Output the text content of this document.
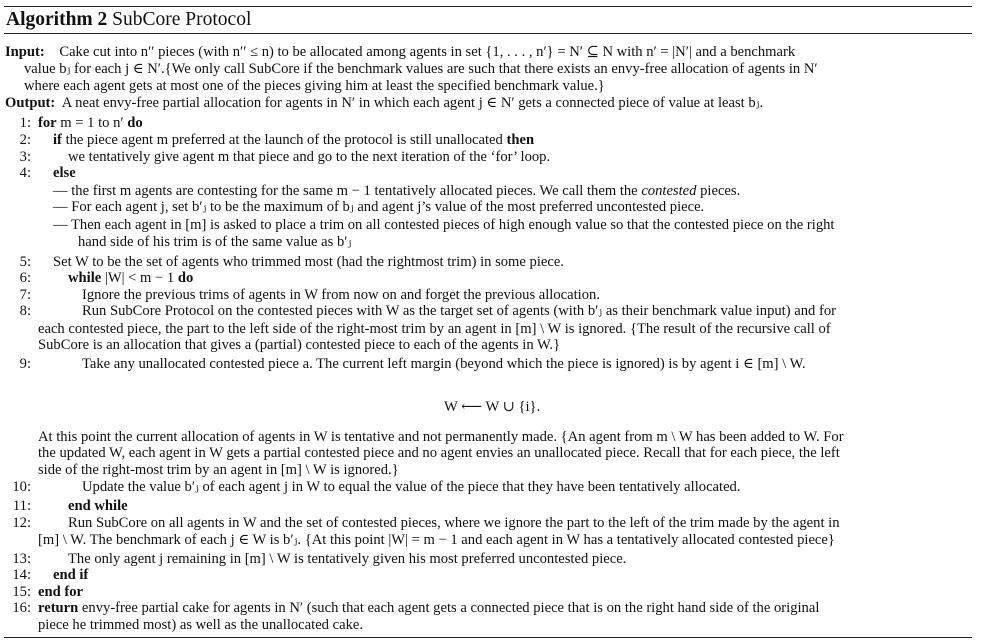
Algorithm 2 SubCore Protocol
Input: Cake cut into n′′ pieces (with n′′ ≤ n) to be allocated among agents in set {1, . . . , n′} = N′ ⊆ N with n′ = |N′| and a benchmark
value bⱼ for each j ∈ N′.{We only call SubCore if the benchmark values are such that there exists an envy-free allocation of agents in N′
where each agent gets at most one of the pieces giving him at least the specified benchmark value.}
Output: A neat envy-free partial allocation for agents in N′ in which each agent j ∈ N′ gets a connected piece of value at least bⱼ.
1:
2:
3:
4:
5:
6:
7:
8:
9:
10:
11:
12:
13:
14:
15:
16:
for m = 1 to n′ do
if the piece agent m preferred at the launch of the protocol is still unallocated then
we tentatively give agent m that piece and go to the next iteration of the ‘for’ loop.
else
— the first m agents are contesting for the same m − 1 tentatively allocated pieces. We call them the contested pieces.
— For each agent j, set b′ⱼ to be the maximum of bⱼ and agent j’s value of the most preferred uncontested piece.
— Then each agent in [m] is asked to place a trim on all contested pieces of high enough value so that the contested piece on the right
hand side of his trim is of the same value as b′ⱼ
Set W to be the set of agents who trimmed most (had the rightmost trim) in some piece.
while |W| < m − 1 do
Ignore the previous trims of agents in W from now on and forget the previous allocation.
Run SubCore Protocol on the contested pieces with W as the target set of agents (with b′ⱼ as their benchmark value input) and for
each contested piece, the part to the left side of the right-most trim by an agent in [m] \ W is ignored. {The result of the recursive call of
SubCore is an allocation that gives a (partial) contested piece to each of the agents in W.}
Take any unallocated contested piece a. The current left margin (beyond which the piece is ignored) is by agent i ∈ [m] \ W.
W ⟵ W ∪ {i}.
At this point the current allocation of agents in W is tentative and not permanently made. {An agent from m \ W has been added to W. For
the updated W, each agent in W gets a partial contested piece and no agent envies an unallocated piece. Recall that for each piece, the left
side of the right-most trim by an agent in [m] \ W is ignored.}
Update the value b′ⱼ of each agent j in W to equal the value of the piece that they have been tentatively allocated.
end while
Run SubCore on all agents in W and the set of contested pieces, where we ignore the part to the left of the trim made by the agent in
[m] \ W. The benchmark of each j ∈ W is b′ⱼ. {At this point |W| = m − 1 and each agent in W has a tentatively allocated contested piece}
The only agent j remaining in [m] \ W is tentatively given his most preferred uncontested piece.
end if
end for
return envy-free partial cake for agents in N′ (such that each agent gets a connected piece that is on the right hand side of the original
piece he trimmed most) as well as the unallocated cake.
